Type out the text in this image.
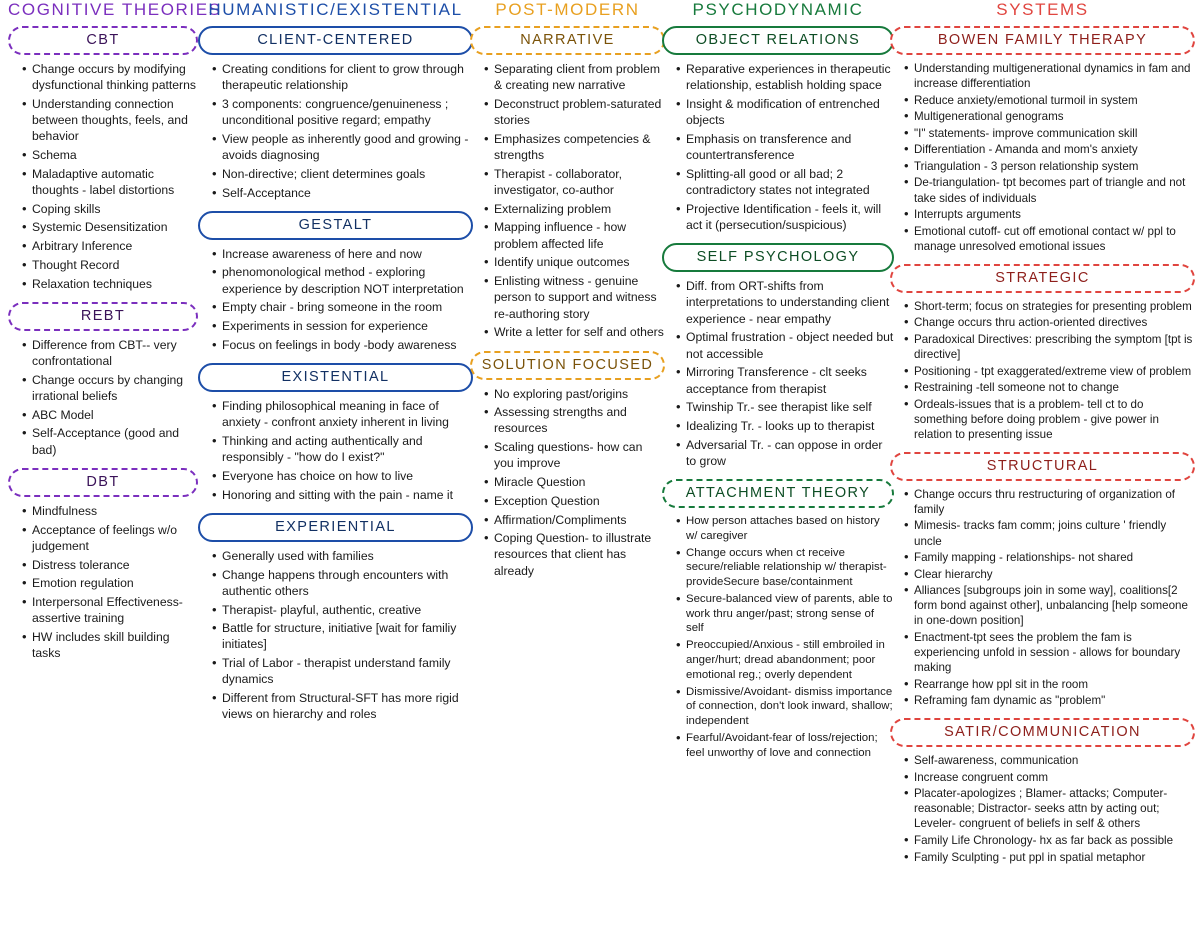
COGNITIVE THEORIES
CBT
• Change occurs by modifying dysfunctional thinking patterns
• Understanding connection between thoughts, feels, and behavior
• Schema
• Maladaptive automatic thoughts - label distortions
• Coping skills
• Systemic Desensitization
• Arbitrary Inference
• Thought Record
• Relaxation techniques
REBT
• Difference from CBT-- very confrontational
• Change occurs by changing irrational beliefs
• ABC Model
• Self-Acceptance (good and bad)
DBT
• Mindfulness
• Acceptance of feelings w/o judgement
• Distress tolerance
• Emotion regulation
• Interpersonal Effectiveness- assertive training
• HW includes skill building tasks
HUMANISTIC/EXISTENTIAL
CLIENT-CENTERED
• Creating conditions for client to grow through therapeutic relationship
• 3 components: congruence/genuineness ; unconditional positive regard; empathy
• View people as inherently good and growing - avoids diagnosing
• Non-directive; client determines goals
• Self-Acceptance
GESTALT
• Increase awareness of here and now
• phenomonological method - exploring experience by description NOT interpretation
• Empty chair - bring someone in the room
• Experiments in session for experience
• Focus on feelings in body -body awareness
EXISTENTIAL
• Finding philosophical meaning in face of anxiety - confront anxiety inherent in living
• Thinking and acting authentically and responsibly - "how do I exist?"
• Everyone has choice on how to live
• Honoring and sitting with the pain - name it
EXPERIENTIAL
• Generally used with families
• Change happens through encounters with authentic others
• Therapist- playful, authentic, creative
• Battle for structure, initiative [wait for familiy initiates]
• Trial of Labor - therapist understand family dynamics
• Different from Structural-SFT has more rigid views on hierarchy and roles
POST-MODERN
NARRATIVE
• Separating client from problem & creating new narrative
• Deconstruct problem-saturated stories
• Emphasizes competencies & strengths
• Therapist - collaborator, investigator, co-author
• Externalizing problem
• Mapping influence - how problem affected life
• Identify unique outcomes
• Enlisting witness - genuine person to support and witness re-authoring story
• Write a letter for self and others
SOLUTION FOCUSED
• No exploring past/origins
• Assessing strengths and resources
• Scaling questions- how can you improve
• Miracle Question
• Exception Question
• Affirmation/Compliments
• Coping Question- to illustrate resources that client has already
PSYCHODYNAMIC
OBJECT RELATIONS
• Reparative experiences in therapeutic relationship, establish holding space
• Insight & modification of entrenched objects
• Emphasis on transference and countertransference
• Splitting-all good or all bad; 2 contradictory states not integrated
• Projective Identification - feels it, will act it (persecution/suspicious)
SELF PSYCHOLOGY
• Diff. from ORT-shifts from interpretations to understanding client experience - near empathy
• Optimal frustration - object needed but not accessible
• Mirroring Transference - clt seeks acceptance from therapist
• Twinship Tr.- see therapist like self
• Idealizing Tr. - looks up to therapist
• Adversarial Tr. - can oppose in order to grow
ATTACHMENT THEORY
• How person attaches based on history w/ caregiver
• Change occurs when ct receive secure/reliable relationship w/ therapist- provideSecure base/containment
• Secure-balanced view of parents, able to work thru anger/past; strong sense of self
• Preoccupied/Anxious - still embroiled in anger/hurt; dread abandonment; poor emotional reg.; overly dependent
• Dismissive/Avoidant- dismiss importance of connection, don't look inward, shallow; independent
• Fearful/Avoidant-fear of loss/rejection; feel unworthy of love and connection
SYSTEMS
BOWEN FAMILY THERAPY
• Understanding multigenerational dynamics in fam and increase differentiation
• Reduce anxiety/emotional turmoil in system
• Multigenerational genograms
• "I" statements- improve communication skill
• Differentiation - Amanda and mom's anxiety
• Triangulation - 3 person relationship system
• De-triangulation- tpt becomes part of triangle and not take sides of individuals
• Interrupts arguments
• Emotional cutoff- cut off emotional contact w/ ppl to manage unresolved emotional issues
STRATEGIC
• Short-term; focus on strategies for presenting problem
• Change occurs thru action-oriented directives
• Paradoxical Directives: prescribing the symptom [tpt is directive]
• Positioning - tpt exaggerated/extreme view of problem
• Restraining -tell someone not to change
• Ordeals-issues that is a problem- tell ct to do something before doing problem - give power in relation to presenting issue
STRUCTURAL
• Change occurs thru restructuring of organization of family
• Mimesis- tracks fam comm; joins culture ' friendly uncle
• Family mapping - relationships- not shared
• Clear hierarchy
• Alliances [subgroups join in some way], coalitions[2 form bond against other], unbalancing [help someone in one-down position]
• Enactment-tpt sees the problem the fam is experiencing unfold in session - allows for boundary making
• Rearrange how ppl sit in the room
• Reframing fam dynamic as "problem"
SATIR/COMMUNICATION
• Self-awareness, communication
• Increase congruent comm
• Placater-apologizes ; Blamer- attacks; Computer-reasonable; Distractor- seeks attn by acting out; Leveler- congruent of beliefs in self & others
• Family Life Chronology- hx as far back as possible
• Family Sculpting - put ppl in spatial metaphor
